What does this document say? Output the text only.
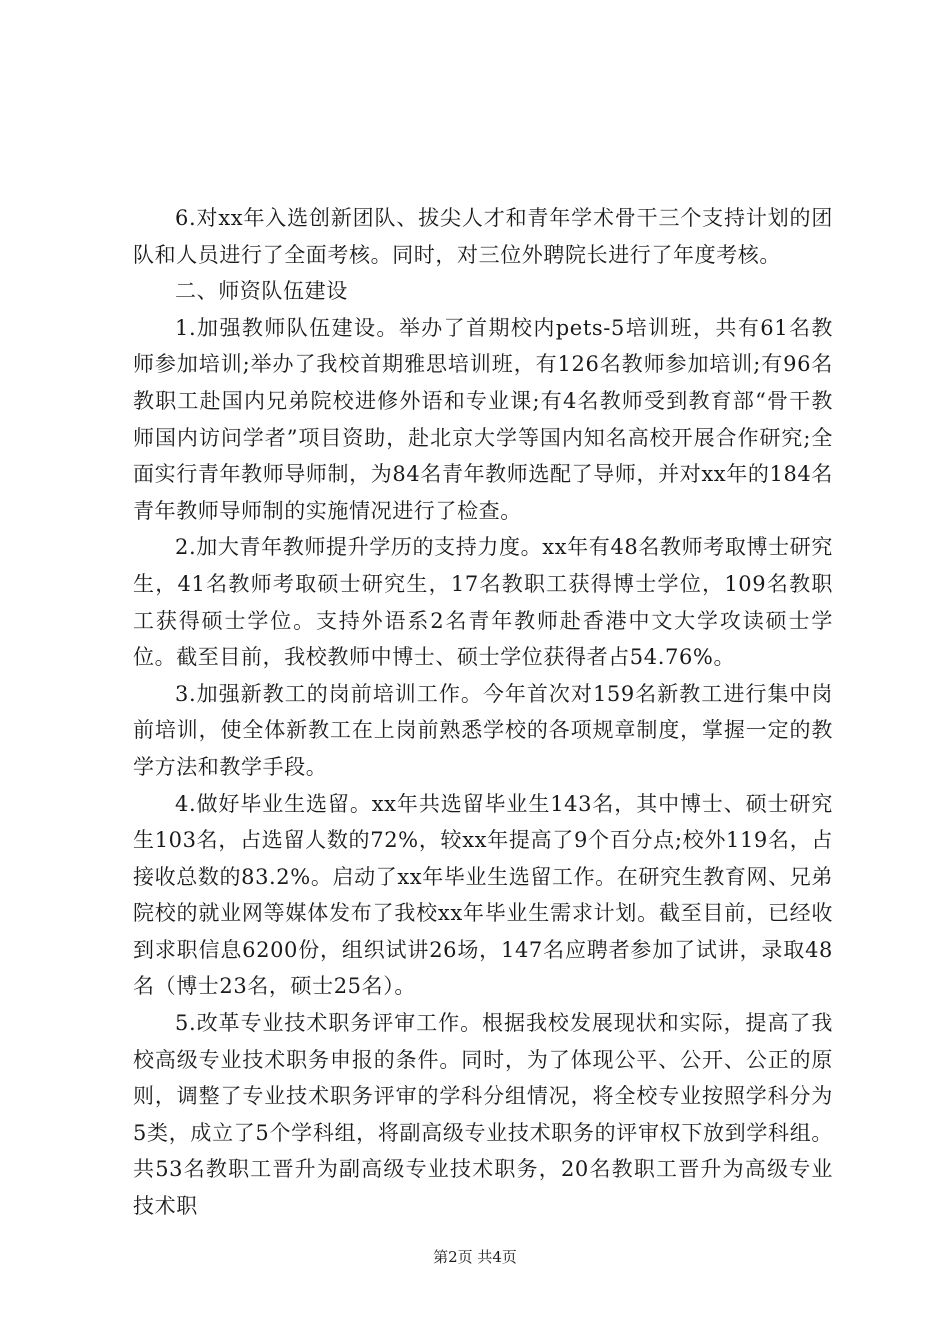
6.对xx年入选创新团队、拔尖人才和青年学术骨干三个支持计划的团队和人员进行了全面考核。同时，对三位外聘院长进行了年度考核。

二、师资队伍建设

1.加强教师队伍建设。举办了首期校内pets-5培训班，共有61名教师参加培训;举办了我校首期雅思培训班，有126名教师参加培训;有96名教职工赴国内兄弟院校进修外语和专业课;有4名教师受到教育部“骨干教师国内访问学者”项目资助，赴北京大学等国内知名高校开展合作研究;全面实行青年教师导师制，为84名青年教师选配了导师，并对xx年的184名青年教师导师制的实施情况进行了检查。

2.加大青年教师提升学历的支持力度。xx年有48名教师考取博士研究生，41名教师考取硕士研究生，17名教职工获得博士学位，109名教职工获得硕士学位。支持外语系2名青年教师赴香港中文大学攻读硕士学位。截至目前，我校教师中博士、硕士学位获得者占54.76%。

3.加强新教工的岗前培训工作。今年首次对159名新教工进行集中岗前培训，使全体新教工在上岗前熟悉学校的各项规章制度，掌握一定的教学方法和教学手段。

4.做好毕业生选留。xx年共选留毕业生143名，其中博士、硕士研究生103名，占选留人数的72%，较xx年提高了9个百分点;校外119名，占接收总数的83.2%。启动了xx年毕业生选留工作。在研究生教育网、兄弟院校的就业网等媒体发布了我校xx年毕业生需求计划。截至目前，已经收到求职信息6200份，组织试讲26场，147名应聘者参加了试讲，录取48名（博士23名，硕士25名）。

5.改革专业技术职务评审工作。根据我校发展现状和实际，提高了我校高级专业技术职务申报的条件。同时，为了体现公平、公开、公正的原则，调整了专业技术职务评审的学科分组情况，将全校专业按照学科分为5类，成立了5个学科组，将副高级专业技术职务的评审权下放到学科组。共53名教职工晋升为副高级专业技术职务，20名教职工晋升为高级专业技术职

第2页 共4页
